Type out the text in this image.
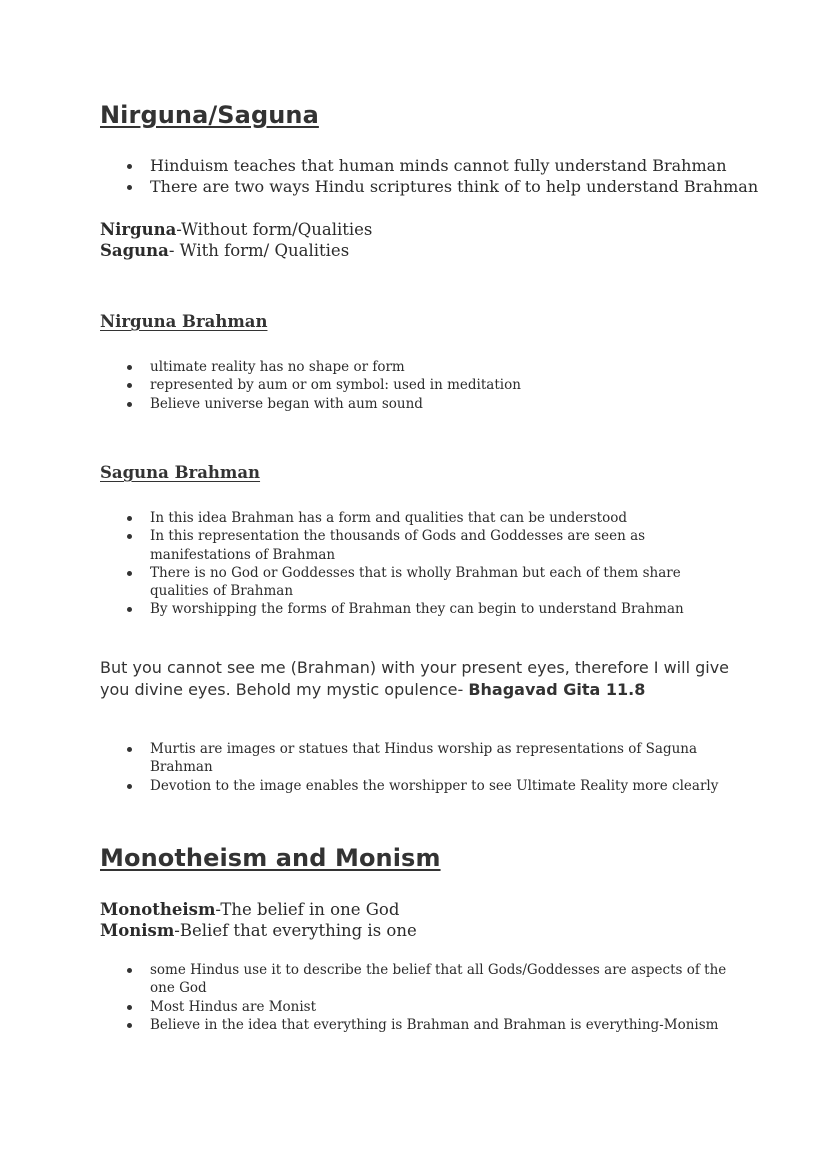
Nirguna/Saguna
Hinduism teaches that human minds cannot fully understand Brahman
There are two ways Hindu scriptures think of to help understand Brahman
Nirguna-Without form/Qualities
Saguna- With form/ Qualities
Nirguna Brahman
ultimate reality has no shape or form
represented by aum or om symbol: used in meditation
Believe universe began with aum sound
Saguna Brahman
In this idea Brahman has a form and qualities that can be understood
In this representation the thousands of Gods and Goddesses are seen as manifestations of Brahman
There is no God or Goddesses that is wholly Brahman but each of them share qualities of Brahman
By worshipping the forms of Brahman they can begin to understand Brahman

But you cannot see me (Brahman) with your present eyes, therefore I will give you divine eyes. Behold my mystic opulence- Bhagavad Gita 11.8

Murtis are images or statues that Hindus worship as representations of Saguna Brahman
Devotion to the image enables the worshipper to see Ultimate Reality more clearly
Monotheism and Monism
Monotheism-The belief in one God
Monism-Belief that everything is one
some Hindus use it to describe the belief that all Gods/Goddesses are aspects of the one God
Most Hindus are Monist
Believe in the idea that everything is Brahman and Brahman is everything-Monism
